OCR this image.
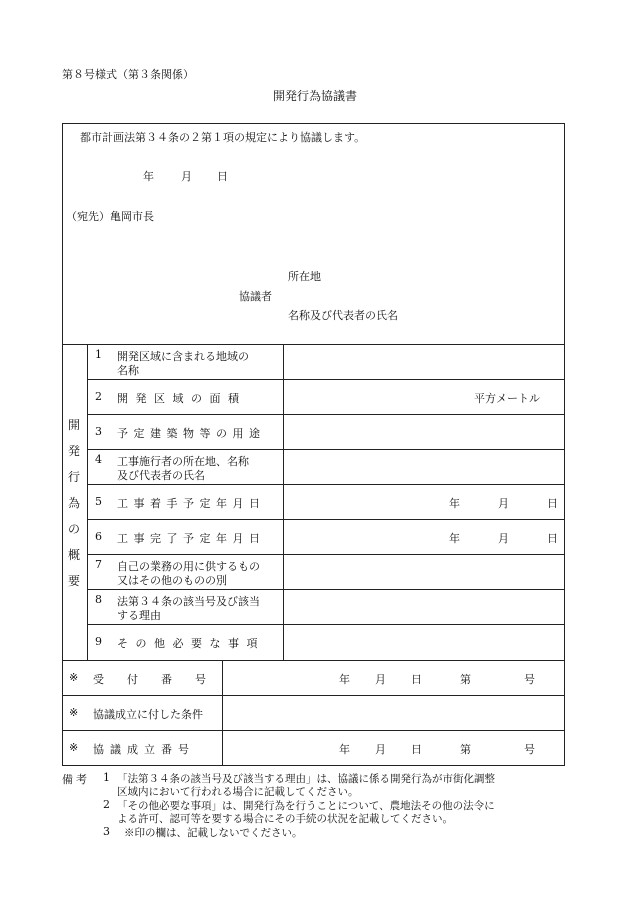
第８号様式（第３条関係）
開発行為協議書
都市計画法第３４条の２第１項の規定により協議します。
年 月 日
（宛先）亀岡市長
所在地
協議者
名称及び代表者の氏名
開
発
行
為
の
概
要
1 開発区域に含まれる地域の
名称
2 開 発 区 域 の 面 積	平方メートル
3 予 定 建 築 物 等 の 用 途
4 工事施行者の所在地、名称
及び代表者の氏名
5 工 事 着 手 予 定 年 月 日	年	月	日
6 工 事 完 了 予 定 年 月 日	年	月	日
7 自己の業務の用に供するもの
又はその他のものの別
8 法第３４条の該当号及び該当
する理由
9 そ の 他 必 要 な 事 項
※ 受　付　番　号	年 月 日	第	号
※ 協議成立に付した条件
※ 協議成立番号	年 月 日	第	号
備考 1 「法第３４条の該当号及び該当する理由」は、協議に係る開発行為が市街化調整
区域内において行われる場合に記載してください。
2 「その他必要な事項」は、開発行為を行うことについて、農地法その他の法令に
よる許可、認可等を要する場合にその手続の状況を記載してください。
3 ※印の欄は、記載しないでください。
